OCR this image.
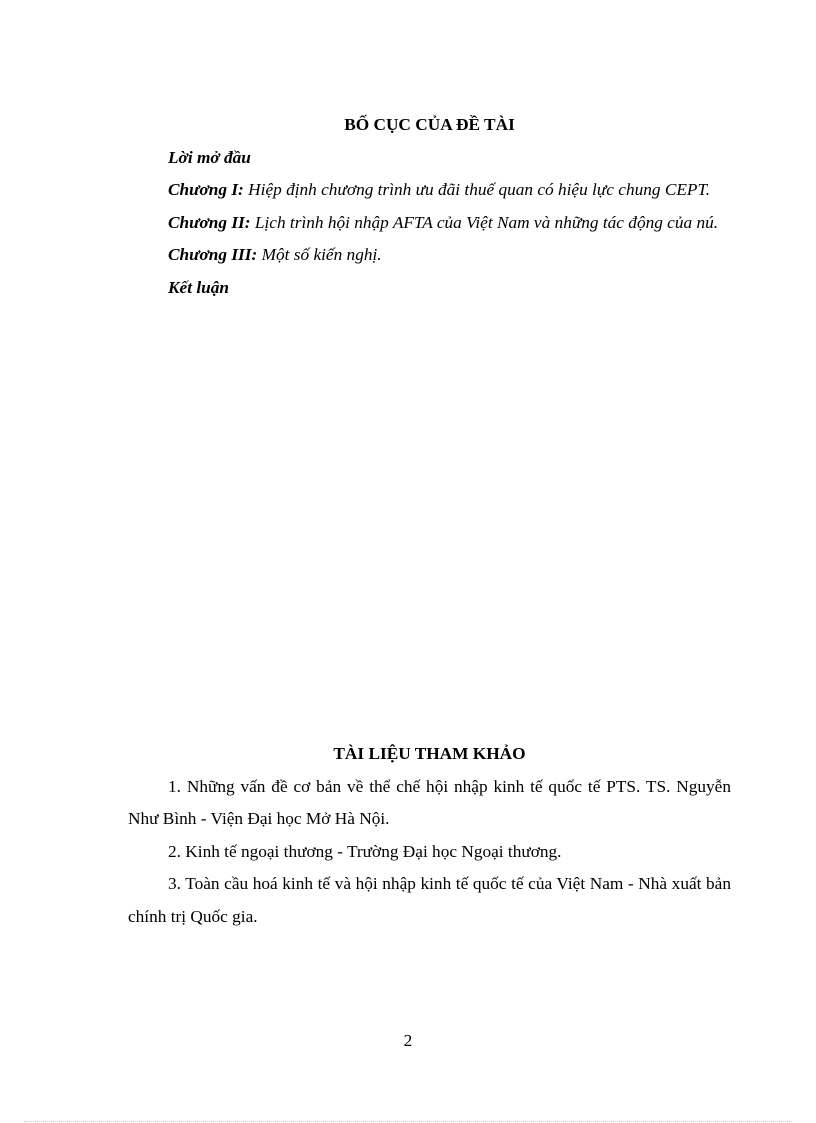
BỐ CỤC CỦA ĐỀ TÀI

Lời mở đầu

Chương I: Hiệp định chương trình ưu đãi thuế quan có hiệu lực chung CEPT.

Chương II: Lịch trình hội nhập AFTA của Việt Nam và những tác động của nú.

Chương III: Một số kiến nghị.

Kết luận

TÀI LIỆU THAM KHẢO

1. Những vấn đề cơ bản về thể chế hội nhập kinh tế quốc tế PTS. TS. Nguyễn Như Bình - Viện Đại học Mở Hà Nội.

2. Kinh tế ngoại thương - Trường Đại học Ngoại thương.

3. Toàn cầu hoá kinh tế và hội nhập kinh tế quốc tế của Việt Nam - Nhà xuất bản chính trị Quốc gia.

2
